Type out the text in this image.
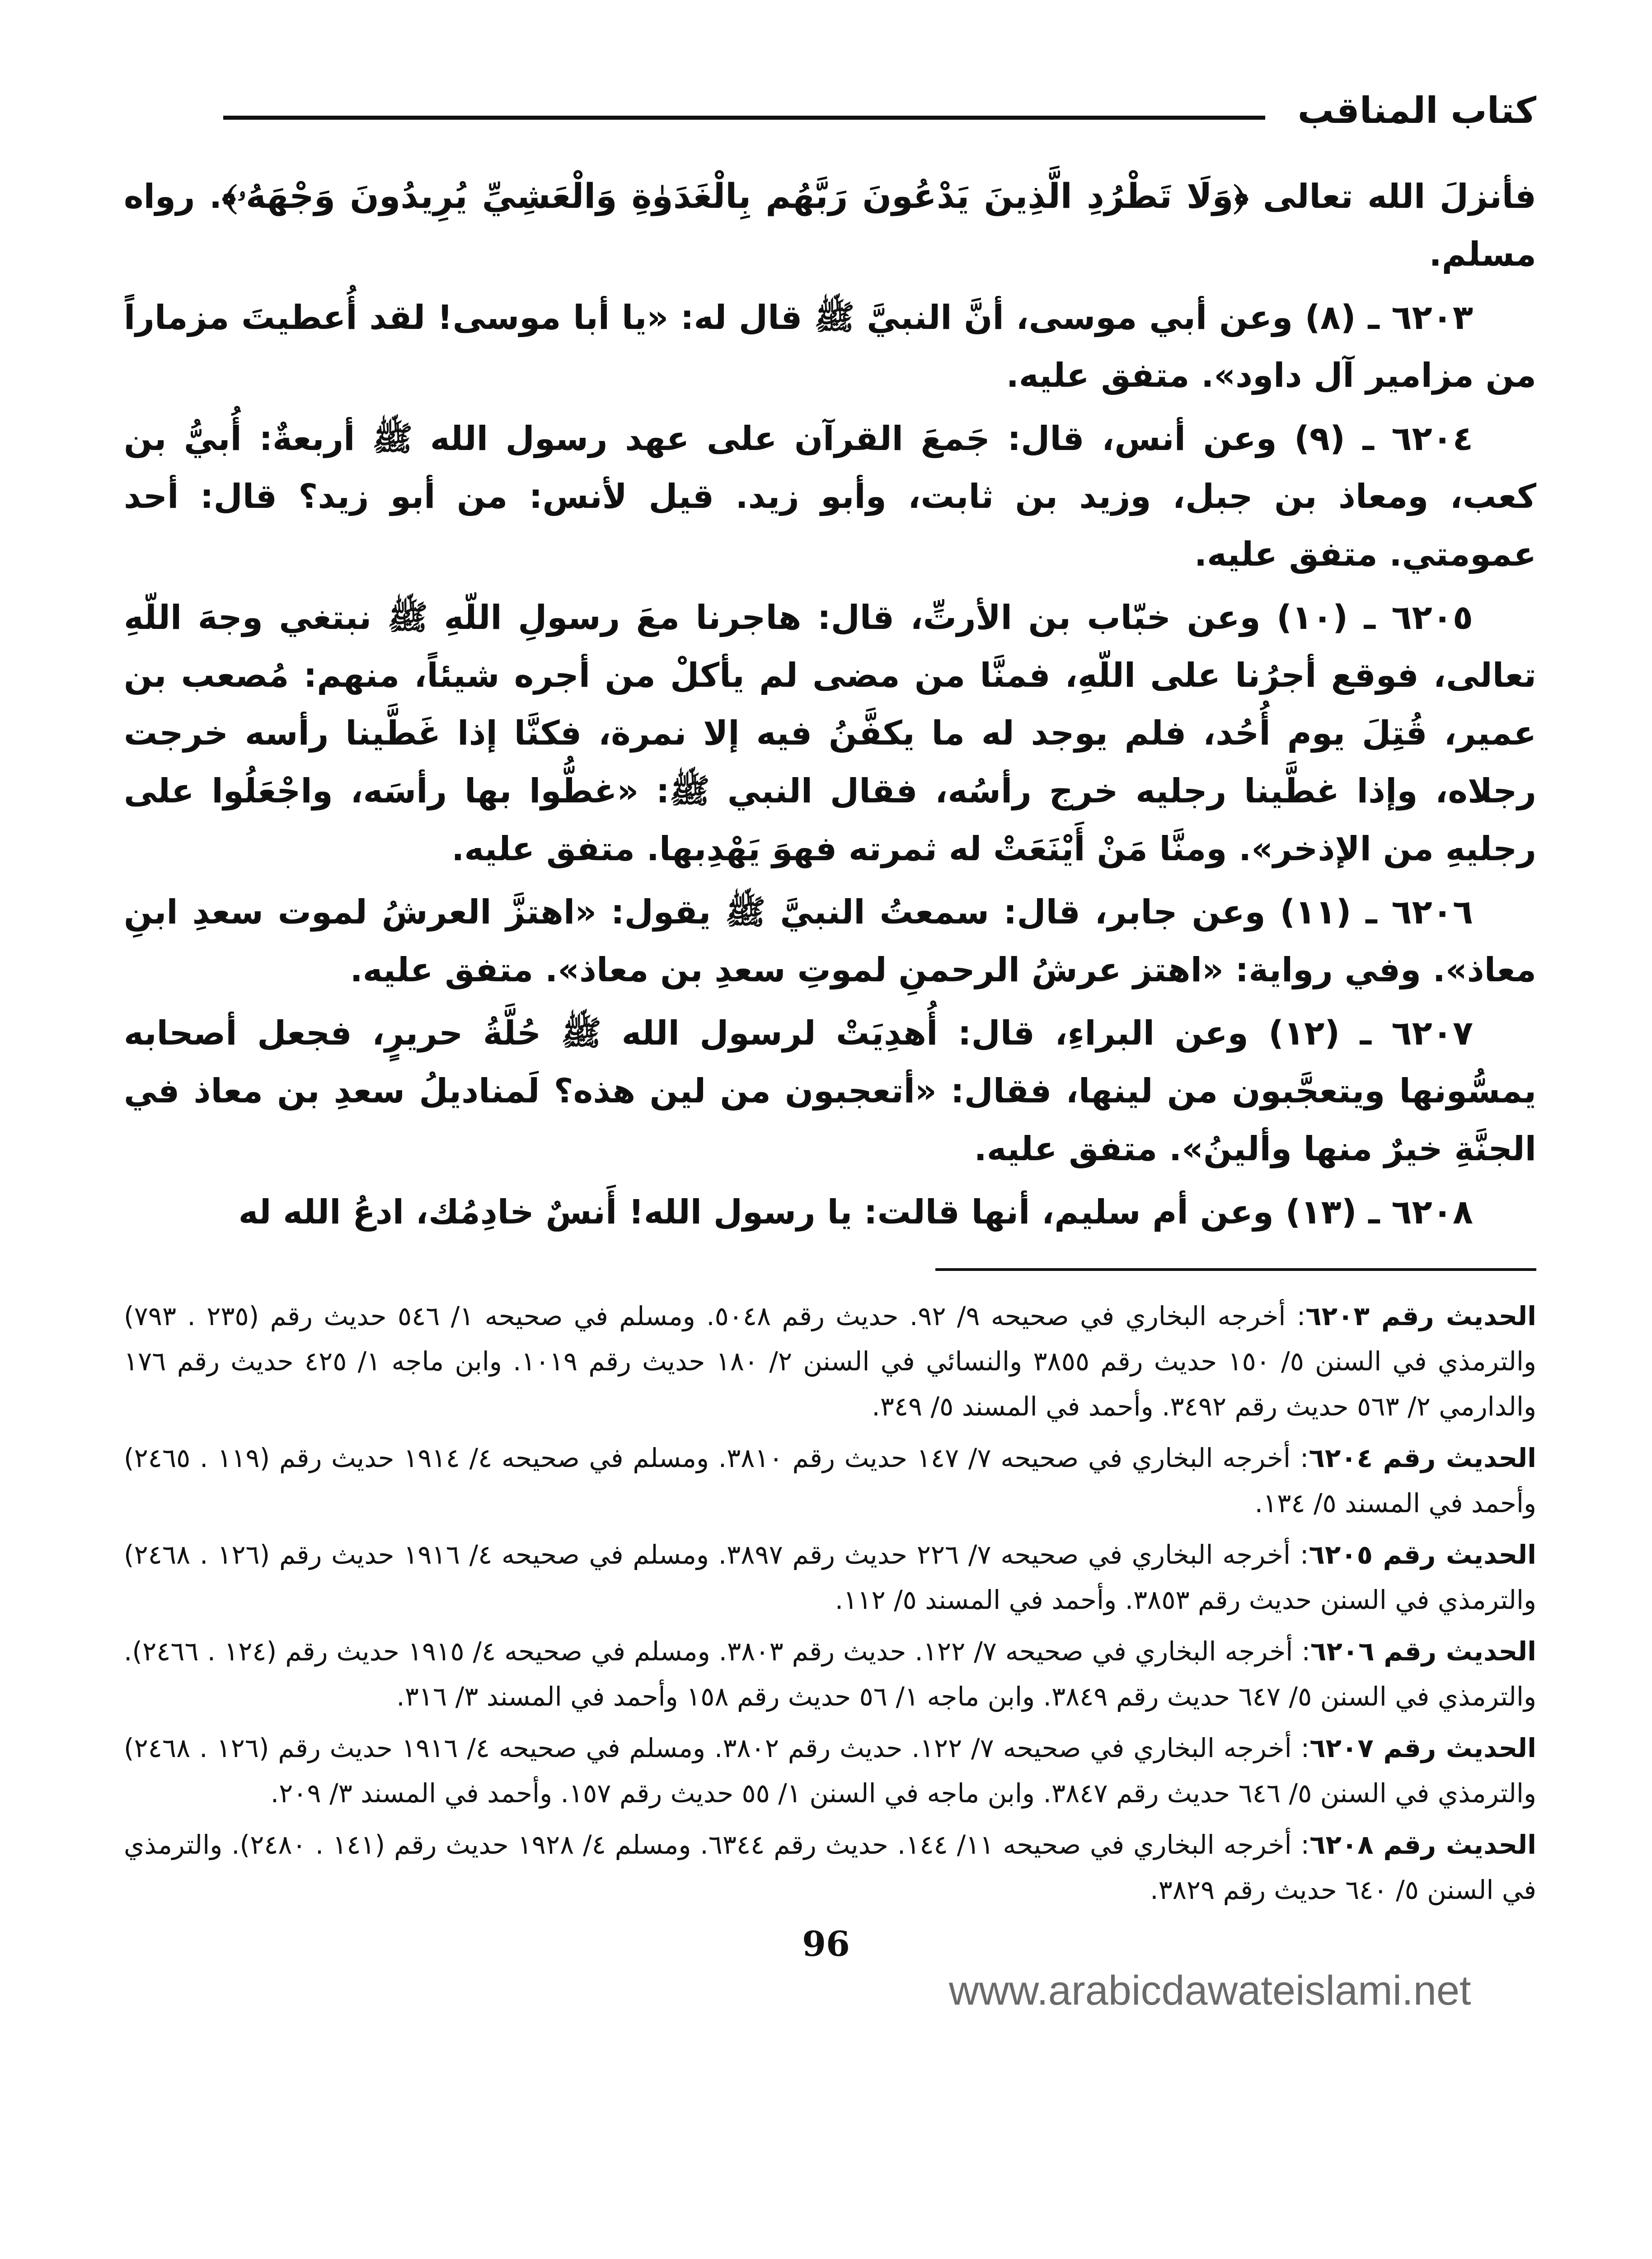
كتاب المناقب

فأنزلَ الله تعالى ﴿وَلَا تَطْرُدِ الَّذِينَ يَدْعُونَ رَبَّهُم بِالْغَدَوٰةِ وَالْعَشِيِّ يُرِيدُونَ وَجْهَهُۥ﴾. رواه مسلم.

٦٢٠٣ ـ (٨) وعن أبي موسى، أنَّ النبيَّ ﷺ قال له: «يا أبا موسى! لقد أُعطيتَ مزماراً من مزامير آل داود». متفق عليه.

٦٢٠٤ ـ (٩) وعن أنس، قال: جَمعَ القرآن على عهد رسول الله ﷺ أربعةٌ: أُبيُّ بن كعب، ومعاذ بن جبل، وزيد بن ثابت، وأبو زيد. قيل لأنس: من أبو زيد؟ قال: أحد عمومتي. متفق عليه.

٦٢٠٥ ـ (١٠) وعن خبّاب بن الأرتِّ، قال: هاجرنا معَ رسولِ اللّهِ ﷺ نبتغي وجهَ اللّهِ تعالى، فوقع أجرُنا على اللّهِ، فمنَّا من مضى لم يأكلْ من أجره شيئاً، منهم: مُصعب بن عمير، قُتِلَ يوم أُحُد، فلم يوجد له ما يكفَّنُ فيه إلا نمرة، فكنَّا إذا غَطَّينا رأسه خرجت رجلاه، وإذا غطَّينا رجليه خرج رأسُه، فقال النبي ﷺ: «غطُّوا بها رأسَه، واجْعَلُوا على رجليهِ من الإذخر». ومنَّا مَنْ أَيْنَعَتْ له ثمرته فهوَ يَهْدِبها. متفق عليه.

٦٢٠٦ ـ (١١) وعن جابر، قال: سمعتُ النبيَّ ﷺ يقول: «اهتزَّ العرشُ لموت سعدِ ابنِ معاذ». وفي رواية: «اهتز عرشُ الرحمنِ لموتِ سعدِ بن معاذ». متفق عليه.

٦٢٠٧ ـ (١٢) وعن البراءِ، قال: أُهدِيَتْ لرسول الله ﷺ حُلَّةُ حريرٍ، فجعل أصحابه يمسُّونها ويتعجَّبون من لينها، فقال: «أتعجبون من لين هذه؟ لَمناديلُ سعدِ بن معاذ في الجنَّةِ خيرٌ منها وألينُ». متفق عليه.

٦٢٠٨ ـ (١٣) وعن أم سليم، أنها قالت: يا رسول الله! أَنسٌ خادِمُك، ادعُ الله له

الحديث رقم ٦٢٠٣: أخرجه البخاري في صحيحه ٩/ ٩٢. حديث رقم ٥٠٤٨. ومسلم في صحيحه ١/ ٥٤٦ حديث رقم (٢٣٥ . ٧٩٣) والترمذي في السنن ٥/ ١٥٠ حديث رقم ٣٨٥٥ والنسائي في السنن ٢/ ١٨٠ حديث رقم ١٠١٩. وابن ماجه ١/ ٤٢٥ حديث رقم ١٧٦ والدارمي ٢/ ٥٦٣ حديث رقم ٣٤٩٢. وأحمد في المسند ٥/ ٣٤٩.

الحديث رقم ٦٢٠٤: أخرجه البخاري في صحيحه ٧/ ١٤٧ حديث رقم ٣٨١٠. ومسلم في صحيحه ٤/ ١٩١٤ حديث رقم (١١٩ . ٢٤٦٥) وأحمد في المسند ٥/ ١٣٤.

الحديث رقم ٦٢٠٥: أخرجه البخاري في صحيحه ٧/ ٢٢٦ حديث رقم ٣٨٩٧. ومسلم في صحيحه ٤/ ١٩١٦ حديث رقم (١٢٦ . ٢٤٦٨) والترمذي في السنن حديث رقم ٣٨٥٣. وأحمد في المسند ٥/ ١١٢.

الحديث رقم ٦٢٠٦: أخرجه البخاري في صحيحه ٧/ ١٢٢. حديث رقم ٣٨٠٣. ومسلم في صحيحه ٤/ ١٩١٥ حديث رقم (١٢٤ . ٢٤٦٦). والترمذي في السنن ٥/ ٦٤٧ حديث رقم ٣٨٤٩. وابن ماجه ١/ ٥٦ حديث رقم ١٥٨ وأحمد في المسند ٣/ ٣١٦.

الحديث رقم ٦٢٠٧: أخرجه البخاري في صحيحه ٧/ ١٢٢. حديث رقم ٣٨٠٢. ومسلم في صحيحه ٤/ ١٩١٦ حديث رقم (١٢٦ . ٢٤٦٨) والترمذي في السنن ٥/ ٦٤٦ حديث رقم ٣٨٤٧. وابن ماجه في السنن ١/ ٥٥ حديث رقم ١٥٧. وأحمد في المسند ٣/ ٢٠٩.

الحديث رقم ٦٢٠٨: أخرجه البخاري في صحيحه ١١/ ١٤٤. حديث رقم ٦٣٤٤. ومسلم ٤/ ١٩٢٨ حديث رقم (١٤١ . ٢٤٨٠). والترمذي في السنن ٥/ ٦٤٠ حديث رقم ٣٨٢٩.

96
www.arabicdawateislami.net
